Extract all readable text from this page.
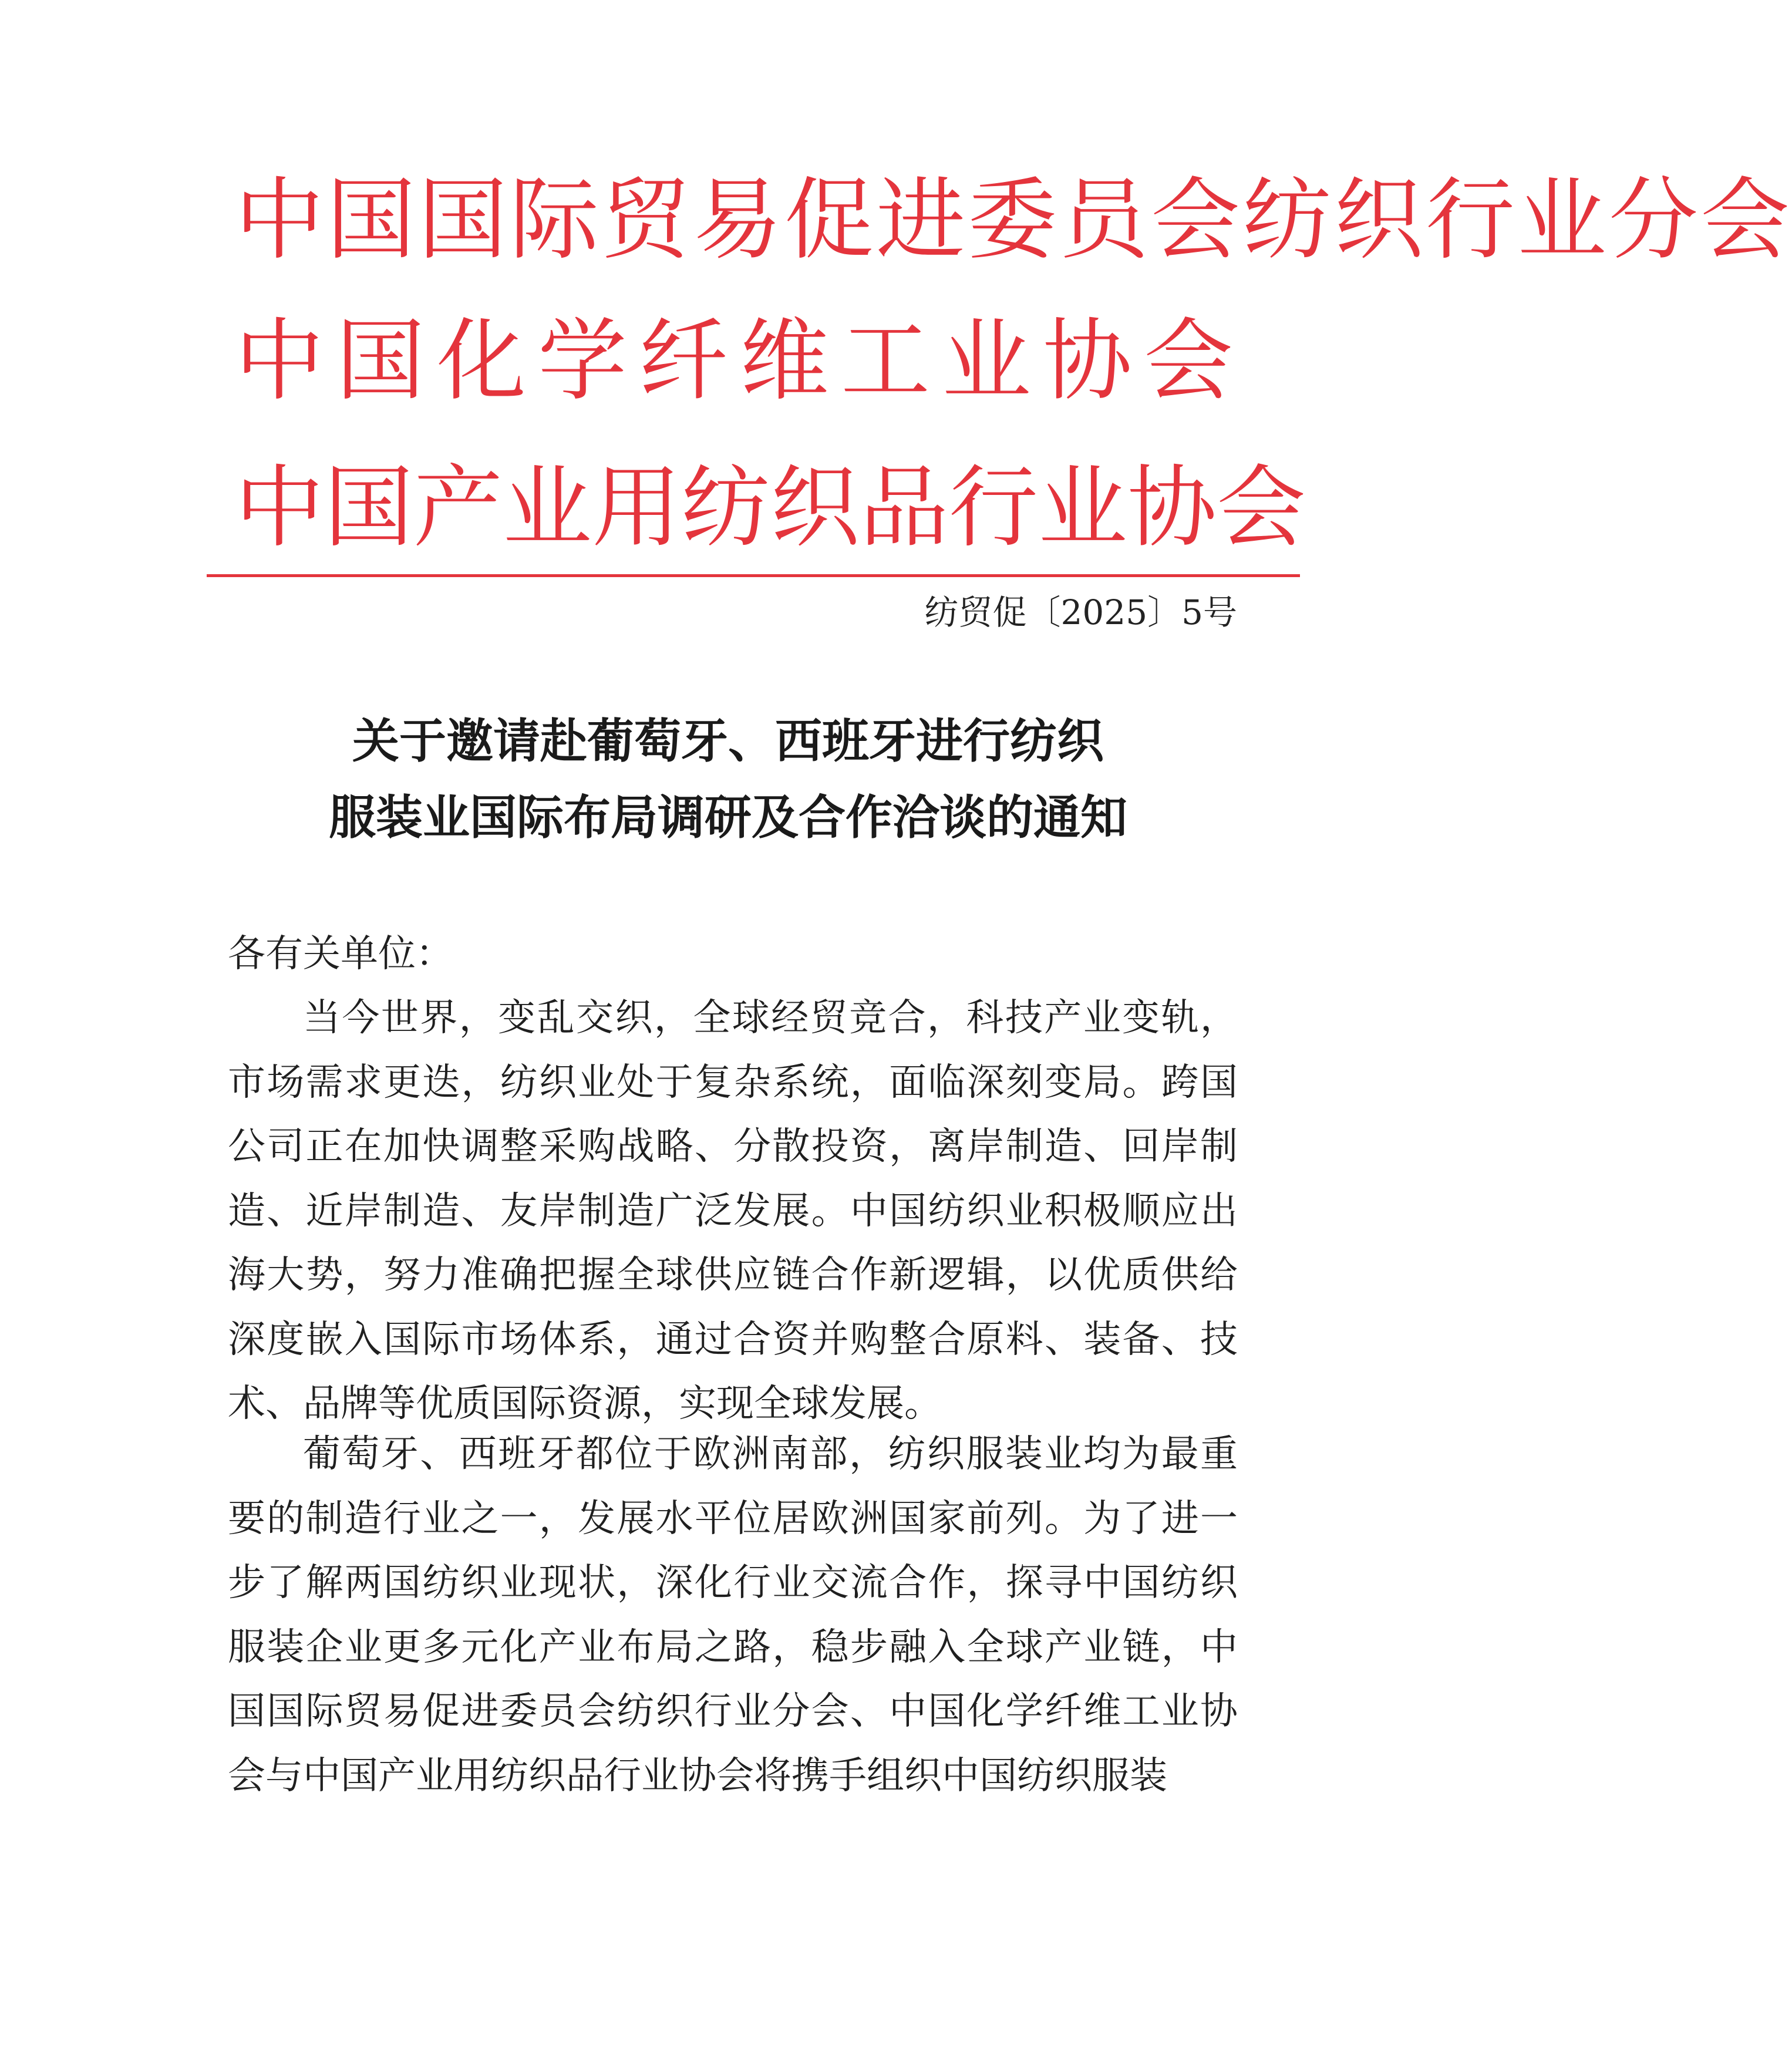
中 国 国 际 贸 易 促 进 委 员 会 纺 织 行 业 分 会
中 国 化 学 纤 维 工 业 协 会
中 国 产 业 用 纺 织 品 行 业 协 会
纺贸促〔2025〕5号
关于邀请赴葡萄牙、西班牙进行纺织
服装业国际布局调研及合作洽谈的通知
各有关单位：

当今世界，变乱交织，全球经贸竞合，科技产业变轨，市场需求更迭，纺织业处于复杂系统，面临深刻变局。跨国公司正在加快调整采购战略、分散投资，离岸制造、回岸制造、近岸制造、友岸制造广泛发展。中国纺织业积极顺应出海大势，努力准确把握全球供应链合作新逻辑，以优质供给深度嵌入国际市场体系，通过合资并购整合原料、装备、技术、品牌等优质国际资源，实现全球发展。

葡萄牙、西班牙都位于欧洲南部，纺织服装业均为最重要的制造行业之一，发展水平位居欧洲国家前列。为了进一步了解两国纺织业现状，深化行业交流合作，探寻中国纺织服装企业更多元化产业布局之路，稳步融入全球产业链，中国国际贸易促进委员会纺织行业分会、中国化学纤维工业协会与中国产业用纺织品行业协会将携手组织中国纺织服装
